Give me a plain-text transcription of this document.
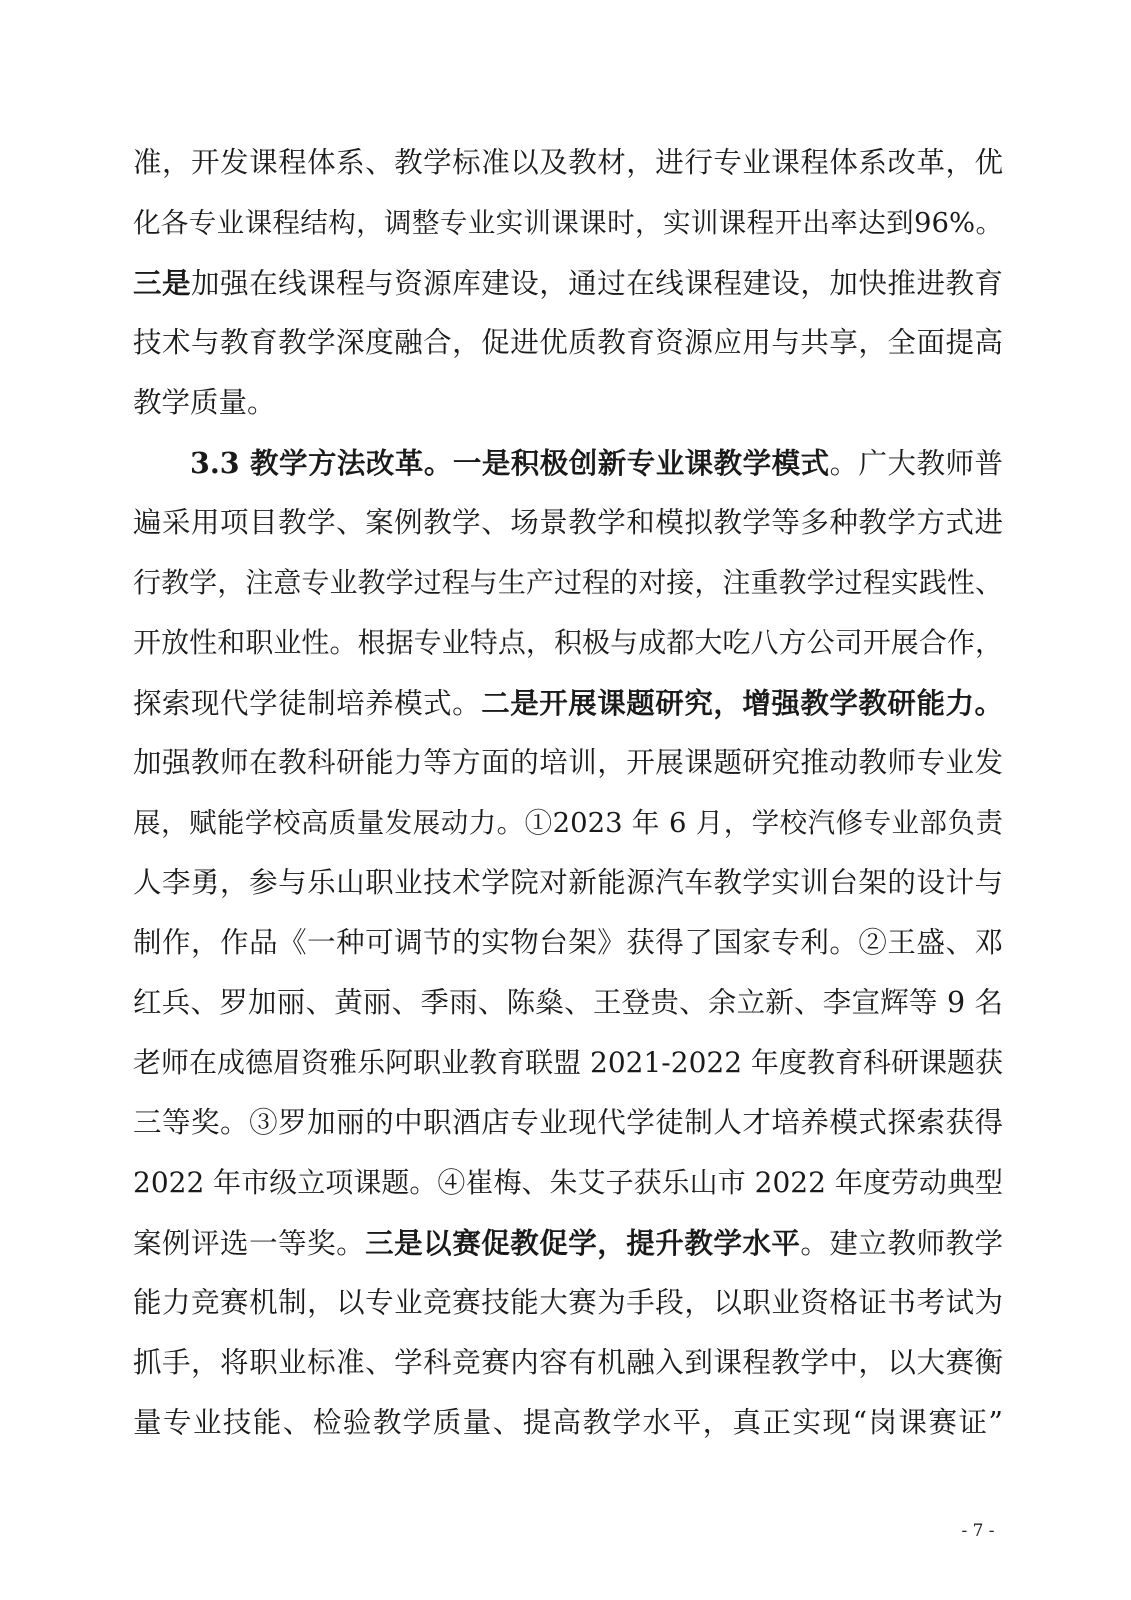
准，开发课程体系、教学标准以及教材，进行专业课程体系改革，优
化各专业课程结构，调整专业实训课课时，实训课程开出率达到96%。
三是加强在线课程与资源库建设，通过在线课程建设，加快推进教育
技术与教育教学深度融合，促进优质教育资源应用与共享，全面提高
教学质量。
3.3 教学方法改革。一是积极创新专业课教学模式。广大教师普
遍采用项目教学、案例教学、场景教学和模拟教学等多种教学方式进
行教学，注意专业教学过程与生产过程的对接，注重教学过程实践性、
开放性和职业性。根据专业特点，积极与成都大吃八方公司开展合作，
探索现代学徒制培养模式。二是开展课题研究，增强教学教研能力。
加强教师在教科研能力等方面的培训，开展课题研究推动教师专业发
展，赋能学校高质量发展动力。①2023 年 6 月，学校汽修专业部负责
人李勇，参与乐山职业技术学院对新能源汽车教学实训台架的设计与
制作，作品《一种可调节的实物台架》获得了国家专利。②王盛、邓
红兵、罗加丽、黄丽、季雨、陈燊、王登贵、余立新、李宣辉等 9 名
老师在成德眉资雅乐阿职业教育联盟 2021-2022 年度教育科研课题获
三等奖。③罗加丽的中职酒店专业现代学徒制人才培养模式探索获得
2022 年市级立项课题。④崔梅、朱艾子获乐山市 2022 年度劳动典型
案例评选一等奖。三是以赛促教促学，提升教学水平。建立教师教学
能力竞赛机制，以专业竞赛技能大赛为手段，以职业资格证书考试为
抓手，将职业标准、学科竞赛内容有机融入到课程教学中，以大赛衡
量专业技能、检验教学质量、提高教学水平，真正实现“岗课赛证”
- 7 -
